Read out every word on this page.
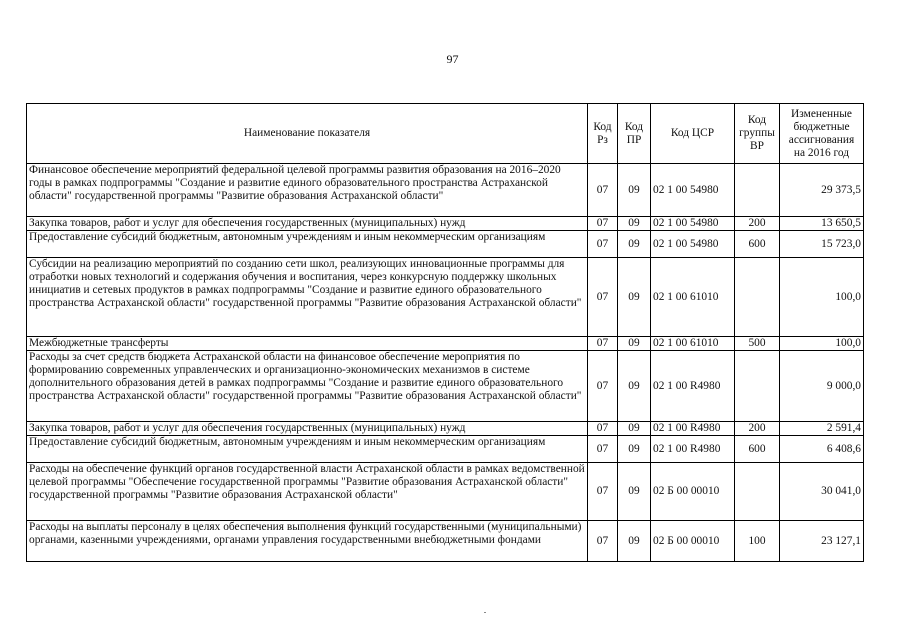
97
Наименование показателя	Код Рз	Код ПР	Код ЦСР	Код группы ВР	Измененные бюджетные ассигнования на 2016 год
Финансовое обеспечение мероприятий федеральной целевой программы развития образования на 2016–2020 годы в рамках подпрограммы "Создание и развитие единого образовательного пространства Астраханской области" государственной программы "Развитие образования Астраханской области"	07	09	02 1 00 54980		29 373,5
Закупка товаров, работ и услуг для обеспечения государственных (муниципальных) нужд	07	09	02 1 00 54980	200	13 650,5
Предоставление субсидий бюджетным, автономным учреждениям и иным некоммерческим организациям	07	09	02 1 00 54980	600	15 723,0
Субсидии на реализацию мероприятий по созданию сети школ, реализующих инновационные программы для отработки новых технологий и содержания обучения и воспитания, через конкурсную поддержку школьных инициатив и сетевых продуктов в рамках подпрограммы "Создание и развитие единого образовательного пространства Астраханской области" государственной программы "Развитие образования Астраханской области"	07	09	02 1 00 61010		100,0
Межбюджетные трансферты	07	09	02 1 00 61010	500	100,0
Расходы за счет средств бюджета Астраханской области на финансовое обеспечение мероприятия по формированию современных управленческих и организационно-экономических механизмов в системе дополнительного образования детей в рамках подпрограммы "Создание и развитие единого образовательного пространства Астраханской области" государственной программы "Развитие образования Астраханской области"	07	09	02 1 00 R4980		9 000,0
Закупка товаров, работ и услуг для обеспечения государственных (муниципальных) нужд	07	09	02 1 00 R4980	200	2 591,4
Предоставление субсидий бюджетным, автономным учреждениям и иным некоммерческим организациям	07	09	02 1 00 R4980	600	6 408,6
Расходы на обеспечение функций органов государственной власти Астраханской области в рамках ведомственной целевой программы "Обеспечение государственной программы "Развитие образования Астраханской области" государственной программы "Развитие образования Астраханской области"	07	09	02 Б 00 00010		30 041,0
Расходы на выплаты персоналу в целях обеспечения выполнения функций государственными (муниципальными) органами, казенными учреждениями, органами управления государственными внебюджетными фондами	07	09	02 Б 00 00010	100	23 127,1
